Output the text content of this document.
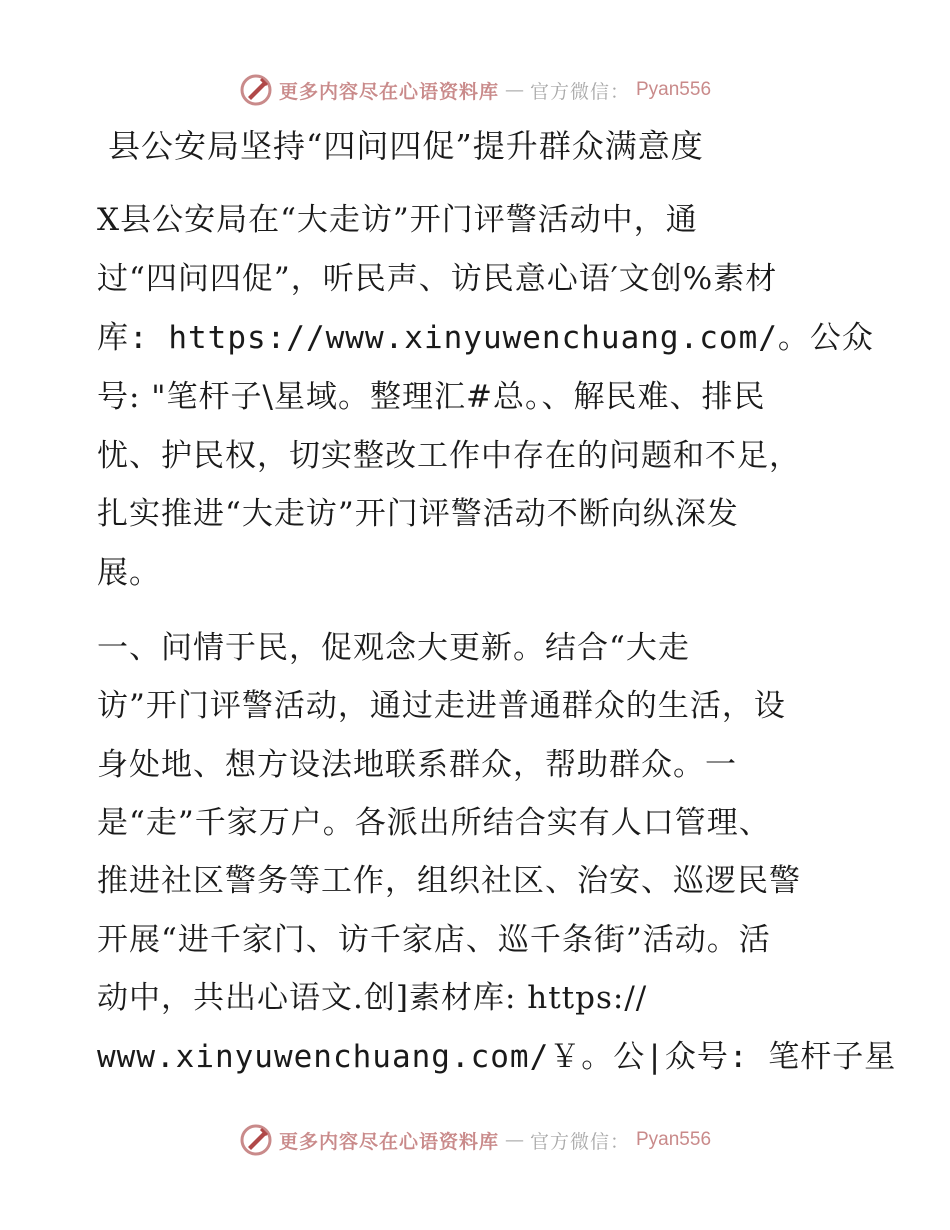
更多内容尽在心语资料库 — 官方微信： Pyan556
县公安局坚持“四问四促”提升群众满意度
X县公安局在“大走访”开门评警活动中，通
过“四问四促”，听民声、访民意心语′文创%素材
库: https://www.xinyuwenchuang.com/。公众
号: "笔杆子\星域。整理汇#总。、解民难、排民
忧、护民权，切实整改工作中存在的问题和不足，
扎实推进“大走访”开门评警活动不断向纵深发
展。
一、问情于民，促观念大更新。结合“大走
访”开门评警活动，通过走进普通群众的生活，设
身处地、想方设法地联系群众，帮助群众。一
是“走”千家万户。各派出所结合实有人口管理、
推进社区警务等工作，组织社区、治安、巡逻民警
开展“进千家门、访千家店、巡千条街”活动。活
动中，共出心语文.创]素材库: https://
www.xinyuwenchuang.com/￥。公|众号: 笔杆子星
更多内容尽在心语资料库 — 官方微信： Pyan556
